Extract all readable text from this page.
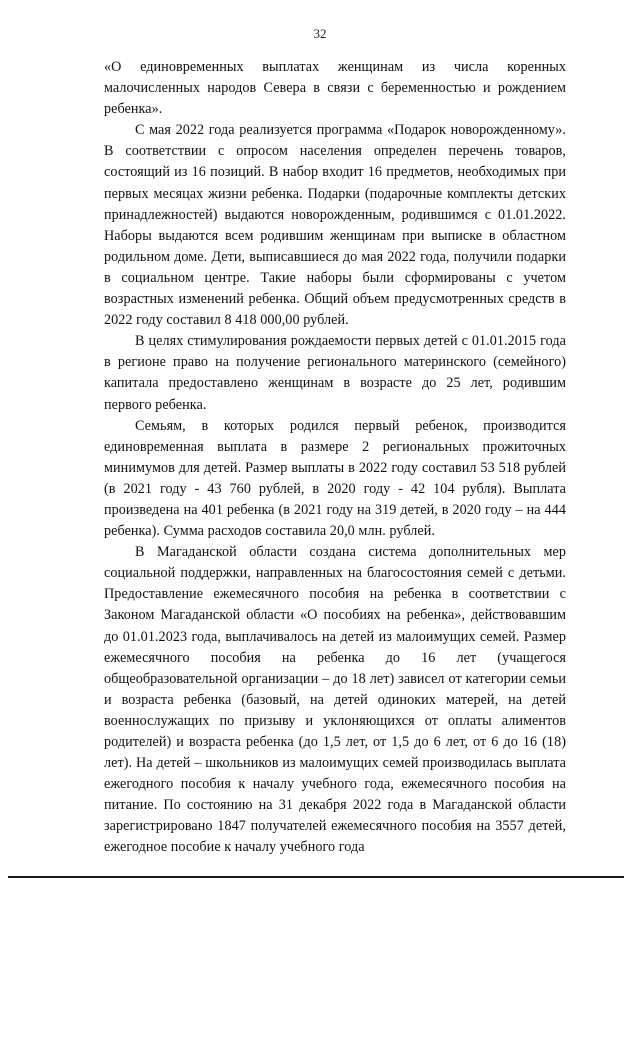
32

«О единовременных выплатах женщинам из числа коренных малочисленных народов Севера в связи с беременностью и рождением ребенка».

С мая 2022 года реализуется программа «Подарок новорожденному». В соответствии с опросом населения определен перечень товаров, состоящий из 16 позиций. В набор входит 16 предметов, необходимых при первых месяцах жизни ребенка. Подарки (подарочные комплекты детских принадлежностей) выдаются новорожденным, родившимся с 01.01.2022. Наборы выдаются всем родившим женщинам при выписке в областном родильном доме. Дети, выписавшиеся до мая 2022 года, получили подарки в социальном центре. Такие наборы были сформированы с учетом возрастных изменений ребенка. Общий объем предусмотренных средств в 2022 году составил 8 418 000,00 рублей.

В целях стимулирования рождаемости первых детей с 01.01.2015 года в регионе право на получение регионального материнского (семейного) капитала предоставлено женщинам в возрасте до 25 лет, родившим первого ребенка.

Семьям, в которых родился первый ребенок, производится единовременная выплата в размере 2 региональных прожиточных минимумов для детей. Размер выплаты в 2022 году составил 53 518 рублей (в 2021 году - 43 760 рублей, в 2020 году - 42 104 рубля). Выплата произведена на 401 ребенка (в 2021 году на 319 детей, в 2020 году – на 444 ребенка). Сумма расходов составила 20,0 млн. рублей.

В Магаданской области создана система дополнительных мер социальной поддержки, направленных на благосостояния семей с детьми. Предоставление ежемесячного пособия на ребенка в соответствии с Законом Магаданской области «О пособиях на ребенка», действовавшим до 01.01.2023 года, выплачивалось на детей из малоимущих семей. Размер ежемесячного пособия на ребенка до 16 лет (учащегося общеобразовательной организации – до 18 лет) зависел от категории семьи и возраста ребенка (базовый, на детей одиноких матерей, на детей военнослужащих по призыву и уклоняющихся от оплаты алиментов родителей) и возраста ребенка (до 1,5 лет, от 1,5 до 6 лет, от 6 до 16 (18) лет). На детей – школьников из малоимущих семей производилась выплата ежегодного пособия к началу учебного года, ежемесячного пособия на питание. По состоянию на 31 декабря 2022 года в Магаданской области зарегистрировано 1847 получателей ежемесячного пособия на 3557 детей, ежегодное пособие к началу учебного года
